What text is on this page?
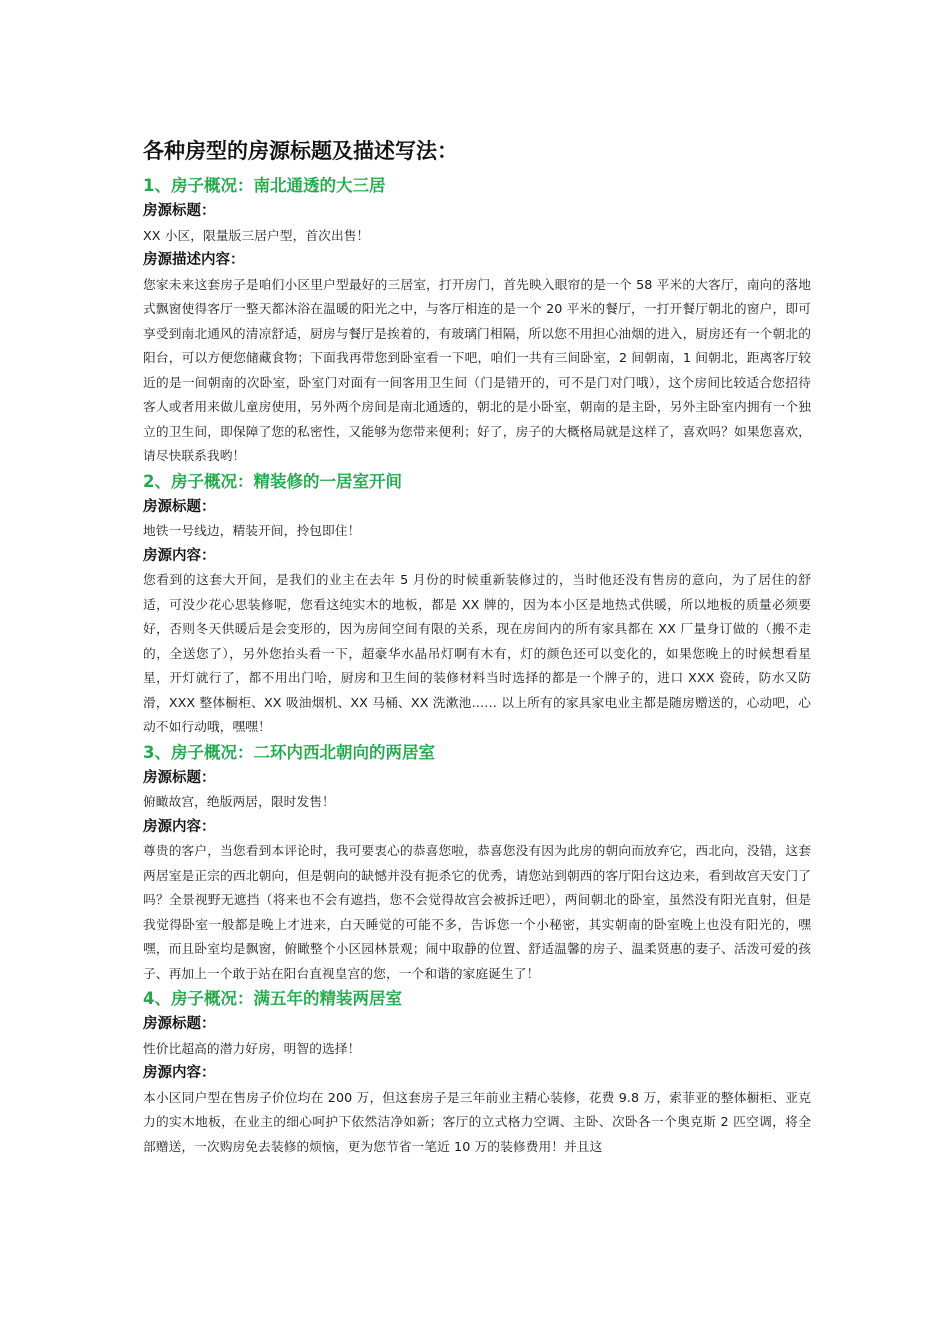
各种房型的房源标题及描述写法：
1、房子概况：南北通透的大三居

房源标题：

XX 小区，限量版三居户型，首次出售！

房源描述内容：

您家未来这套房子是咱们小区里户型最好的三居室，打开房门，首先映入眼帘的是一个 58 平米的大客厅，南向的落地式飘窗使得客厅一整天都沐浴在温暖的阳光之中，与客厅相连的是一个 20 平米的餐厅，一打开餐厅朝北的窗户，即可享受到南北通风的清凉舒适，厨房与餐厅是挨着的，有玻璃门相隔，所以您不用担心油烟的进入，厨房还有一个朝北的阳台，可以方便您储藏食物；下面我再带您到卧室看一下吧，咱们一共有三间卧室，2 间朝南，1 间朝北，距离客厅较近的是一间朝南的次卧室，卧室门对面有一间客用卫生间（门是错开的，可不是门对门哦），这个房间比较适合您招待客人或者用来做儿童房使用，另外两个房间是南北通透的，朝北的是小卧室，朝南的是主卧，另外主卧室内拥有一个独立的卫生间，即保障了您的私密性，又能够为您带来便利；好了，房子的大概格局就是这样了，喜欢吗？如果您喜欢，请尽快联系我哟！

2、房子概况：精装修的一居室开间

房源标题：

地铁一号线边，精装开间，拎包即住！

房源内容：

您看到的这套大开间，是我们的业主在去年 5 月份的时候重新装修过的，当时他还没有售房的意向，为了居住的舒适，可没少花心思装修呢，您看这纯实木的地板，都是 XX 牌的，因为本小区是地热式供暖，所以地板的质量必须要好，否则冬天供暖后是会变形的，因为房间空间有限的关系，现在房间内的所有家具都在 XX 厂量身订做的（搬不走的，全送您了），另外您抬头看一下，超豪华水晶吊灯啊有木有，灯的颜色还可以变化的，如果您晚上的时候想看星星，开灯就行了，都不用出门哈，厨房和卫生间的装修材料当时选择的都是一个牌子的，进口 XXX 瓷砖，防水又防滑，XXX 整体橱柜、XX 吸油烟机、XX 马桶、XX 洗漱池…… 以上所有的家具家电业主都是随房赠送的，心动吧，心动不如行动哦，嘿嘿！

3、房子概况：二环内西北朝向的两居室

房源标题：

俯瞰故宫，绝版两居，限时发售！

房源内容：

尊贵的客户，当您看到本评论时，我可要衷心的恭喜您啦，恭喜您没有因为此房的朝向而放弃它，西北向，没错，这套两居室是正宗的西北朝向，但是朝向的缺憾并没有扼杀它的优秀，请您站到朝西的客厅阳台这边来，看到故宫天安门了吗？全景视野无遮挡（将来也不会有遮挡，您不会觉得故宫会被拆迁吧），两间朝北的卧室，虽然没有阳光直射，但是我觉得卧室一般都是晚上才进来，白天睡觉的可能不多，告诉您一个小秘密，其实朝南的卧室晚上也没有阳光的，嘿嘿，而且卧室均是飘窗，俯瞰整个小区园林景观；闹中取静的位置、舒适温馨的房子、温柔贤惠的妻子、活泼可爱的孩子、再加上一个敢于站在阳台直视皇宫的您，一个和谐的家庭诞生了！

4、房子概况：满五年的精装两居室

房源标题：

性价比超高的潜力好房，明智的选择！

房源内容：

本小区同户型在售房子价位均在 200 万，但这套房子是三年前业主精心装修，花费 9.8 万，索菲亚的整体橱柜、亚克力的实木地板，在业主的细心呵护下依然洁净如新；客厅的立式格力空调、主卧、次卧各一个奥克斯 2 匹空调，将全部赠送，一次购房免去装修的烦恼，更为您节省一笔近 10 万的装修费用！并且这
